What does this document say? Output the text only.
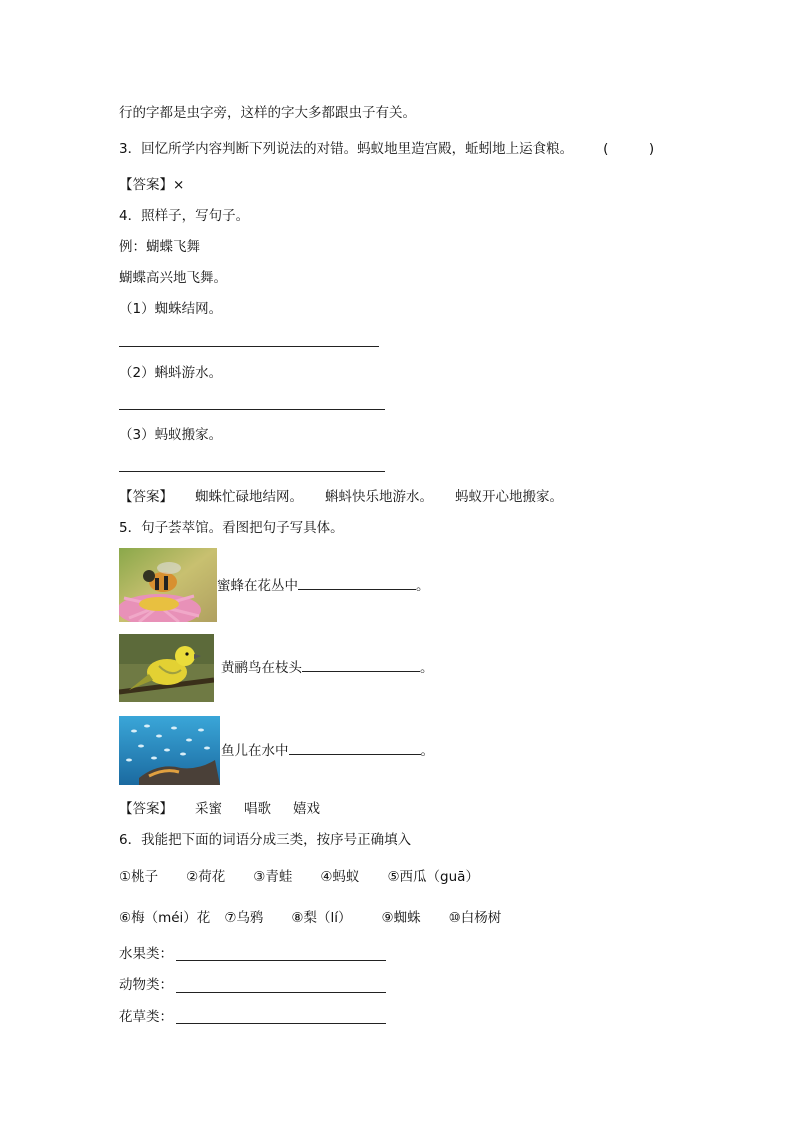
行的字都是虫字旁，这样的字大多都跟虫子有关。
3．回忆所学内容判断下列说法的对错。蚂蚁地里造宫殿，蚯蚓地上运食粮。 (　　　)
【答案】×
4．照样子，写句子。
例：蝴蝶飞舞
蝴蝶高兴地飞舞。
（1）蜘蛛结网。
（2）蝌蚪游水。
（3）蚂蚁搬家。
【答案】 蜘蛛忙碌地结网。 蝌蚪快乐地游水。 蚂蚁开心地搬家。
5．句子荟萃馆。看图把句子写具体。
蜜蜂在花丛中	。
黄鹂鸟在枝头	。
鱼儿在水中	。
【答案】 采蜜 唱歌 嬉戏
6．我能把下面的词语分成三类，按序号正确填入
①桃子 ②荷花 ③青蛙 ④蚂蚁 ⑤西瓜（guā）
⑥梅（méi）花 ⑦乌鸦 ⑧梨（lí） ⑨蜘蛛 ⑩白杨树
水果类：
动物类：
花草类：
